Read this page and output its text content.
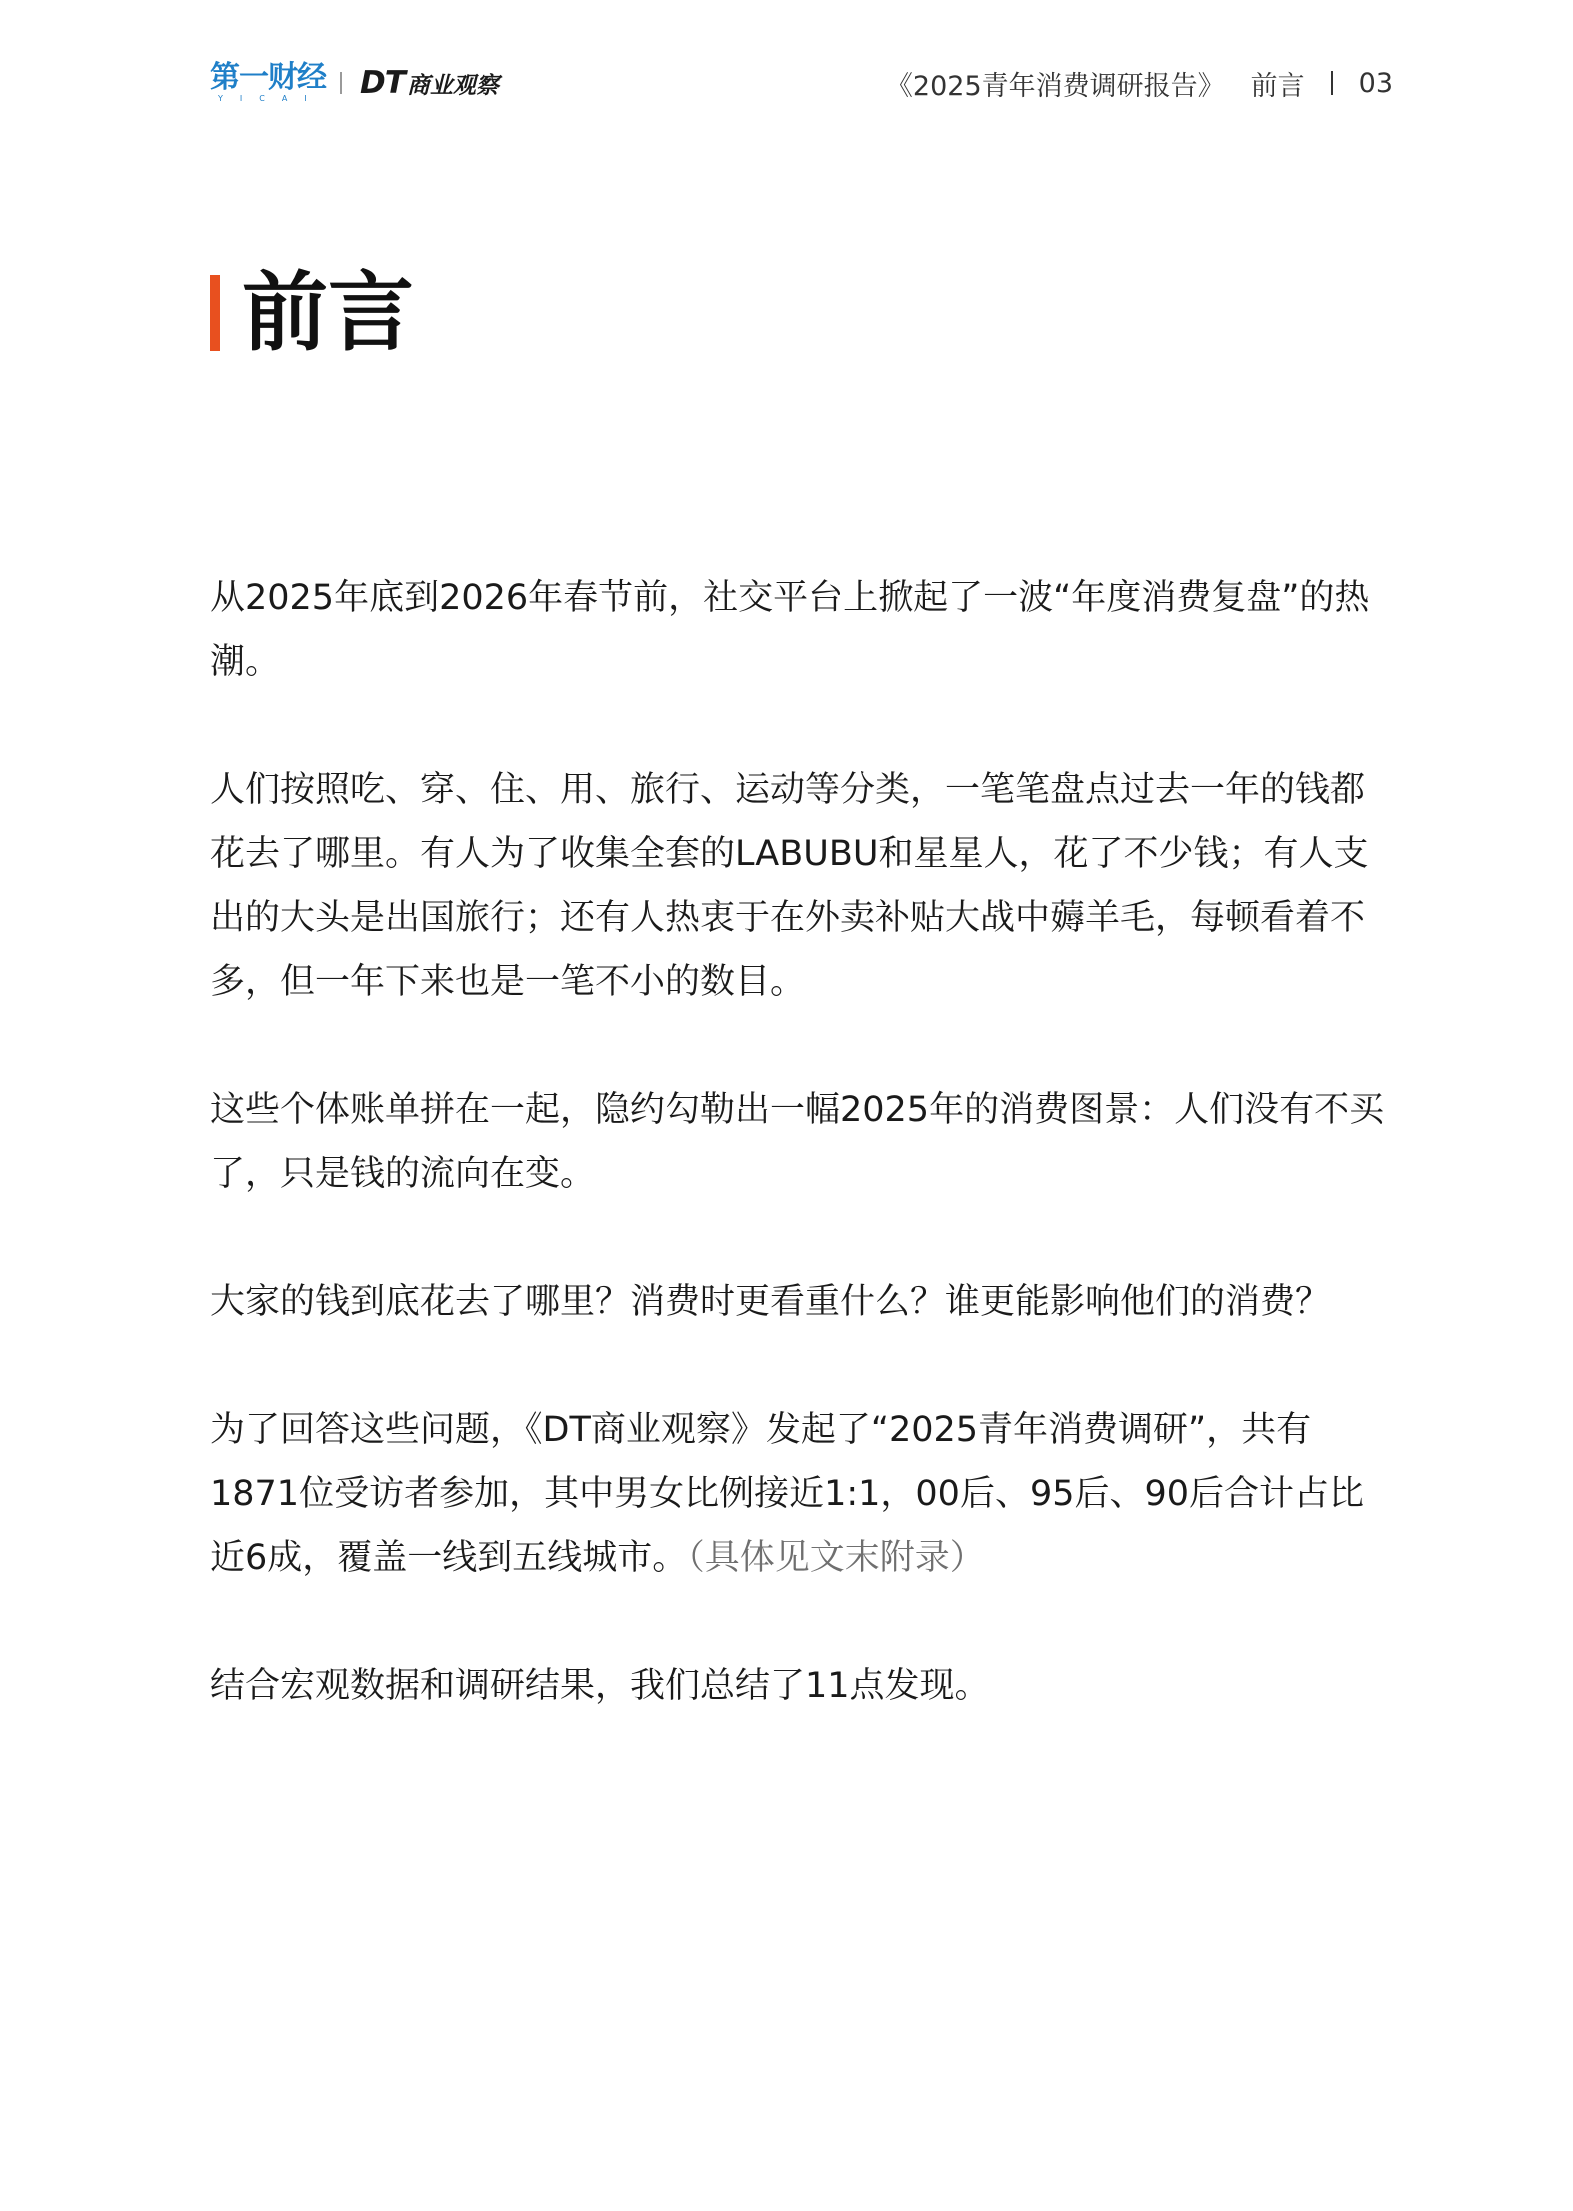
第一财经
YICAI DT 商业观察	《2025青年消费调研报告》 前言 03
前言

从2025年底到2026年春节前，社交平台上掀起了一波“年度消费复盘”的热潮。

人们按照吃、穿、住、用、旅行、运动等分类，一笔笔盘点过去一年的钱都花去了哪里。有人为了收集全套的LABUBU和星星人，花了不少钱；有人支出的大头是出国旅行；还有人热衷于在外卖补贴大战中薅羊毛，每顿看着不多，但一年下来也是一笔不小的数目。

这些个体账单拼在一起，隐约勾勒出一幅2025年的消费图景：人们没有不买了，只是钱的流向在变。

大家的钱到底花去了哪里？消费时更看重什么？谁更能影响他们的消费？

为了回答这些问题，《DT商业观察》发起了“2025青年消费调研”，共有1871位受访者参加，其中男女比例接近1:1，00后、95后、90后合计占比近6成，覆盖一线到五线城市。（具体见文末附录）

结合宏观数据和调研结果，我们总结了11点发现。
